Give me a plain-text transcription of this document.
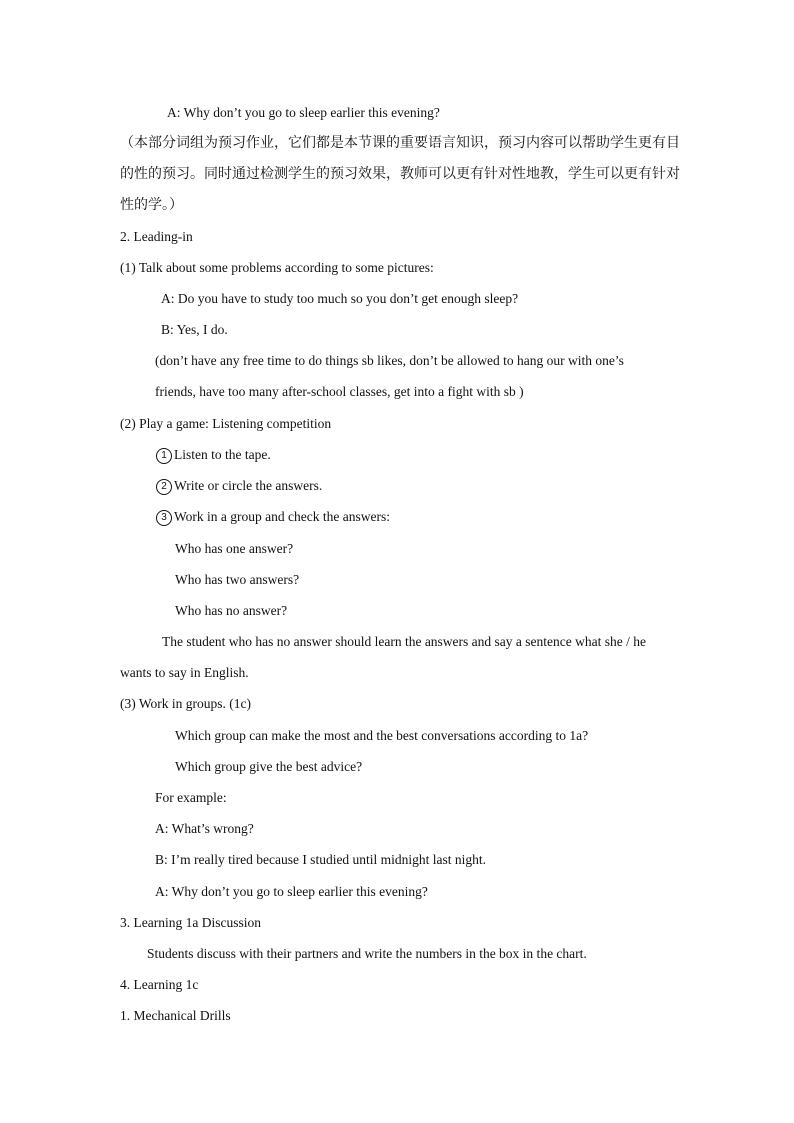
A: Why don’t you go to sleep earlier this evening?
（本部分词组为预习作业，它们都是本节课的重要语言知识，预习内容可以帮助学生更有目
的性的预习。同时通过检测学生的预习效果，教师可以更有针对性地教，学生可以更有针对
性的学。）
2. Leading-in
(1) Talk about some problems according to some pictures:
A: Do you have to study too much so you don’t get enough sleep?
B: Yes, I do.
(don’t have any free time to do things sb likes, don’t be allowed to hang our with one’s
friends, have too many after-school classes, get into a fight with sb )
(2) Play a game: Listening competition
1 Listen to the tape.
2 Write or circle the answers.
3 Work in a group and check the answers:
Who has one answer?
Who has two answers?
Who has no answer?
The student who has no answer should learn the answers and say a sentence what she / he
wants to say in English.
(3) Work in groups. (1c)
Which group can make the most and the best conversations according to 1a?
Which group give the best advice?
For example:
A: What’s wrong?
B: I’m really tired because I studied until midnight last night.
A: Why don’t you go to sleep earlier this evening?
3. Learning 1a Discussion
Students discuss with their partners and write the numbers in the box in the chart.
4. Learning 1c
1. Mechanical Drills
